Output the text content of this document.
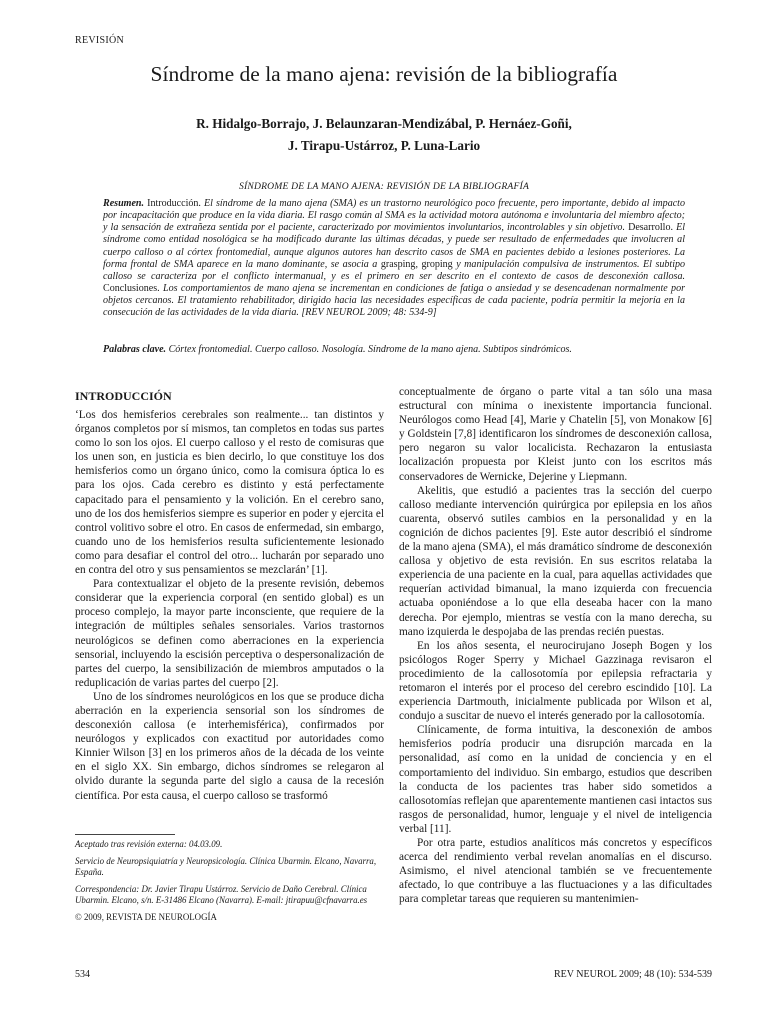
REVISIÓN
Síndrome de la mano ajena: revisión de la bibliografía
R. Hidalgo-Borrajo, J. Belaunzaran-Mendizábal, P. Hernáez-Goñi,
J. Tirapu-Ustárroz, P. Luna-Lario
SÍNDROME DE LA MANO AJENA: REVISIÓN DE LA BIBLIOGRAFÍA
Resumen. Introducción. El síndrome de la mano ajena (SMA) es un trastorno neurológico poco frecuente, pero importante, debido al impacto por incapacitación que produce en la vida diaria. El rasgo común al SMA es la actividad motora autónoma e involuntaria del miembro afecto; y la sensación de extrañeza sentida por el paciente, caracterizado por movimientos involuntarios, incontrolables y sin objetivo. Desarrollo. El síndrome como entidad nosológica se ha modificado durante las últimas décadas, y puede ser resultado de enfermedades que involucren al cuerpo calloso o al córtex frontomedial, aunque algunos autores han descrito casos de SMA en pacientes debido a lesiones posteriores. La forma frontal de SMA aparece en la mano dominante, se asocia a grasping, groping y manipulación compulsiva de instrumentos. El subtipo calloso se caracteriza por el conflicto intermanual, y es el primero en ser descrito en el contexto de casos de desconexión callosa. Conclusiones. Los comportamientos de mano ajena se incrementan en condiciones de fatiga o ansiedad y se desencadenan normalmente por objetos cercanos. El tratamiento rehabilitador, dirigido hacia las necesidades específicas de cada paciente, podría permitir la mejoría en la consecución de las actividades de la vida diaria. [REV NEUROL 2009; 48: 534-9]
Palabras clave. Córtex frontomedial. Cuerpo calloso. Nosología. Síndrome de la mano ajena. Subtipos sindrómicos.
INTRODUCCIÓN

‘Los dos hemisferios cerebrales son realmente... tan distintos y órganos completos por sí mismos, tan completos en todas sus partes como lo son los ojos. El cuerpo calloso y el resto de comisuras que los unen son, en justicia es bien decirlo, lo que constituye los dos hemisferios como un órgano único, como la comisura óptica lo es para los ojos. Cada cerebro es distinto y está perfectamente capacitado para el pensamiento y la volición. En el cerebro sano, uno de los dos hemisferios siempre es superior en poder y ejercita el control volitivo sobre el otro. En casos de enfermedad, sin embargo, cuando uno de los hemisferios resulta suficientemente lesionado como para desafiar el control del otro... lucharán por separado uno en contra del otro y sus pensamientos se mezclarán’ [1].

Para contextualizar el objeto de la presente revisión, debemos considerar que la experiencia corporal (en sentido global) es un proceso complejo, la mayor parte inconsciente, que requiere de la integración de múltiples señales sensoriales. Varios trastornos neurológicos se definen como aberraciones en la experiencia sensorial, incluyendo la escisión perceptiva o despersonalización de partes del cuerpo, la sensibilización de miembros amputados o la reduplicación de varias partes del cuerpo [2].

Uno de los síndromes neurológicos en los que se produce dicha aberración en la experiencia sensorial son los síndromes de desconexión callosa (e interhemisférica), confirmados por neurólogos y explicados con exactitud por autoridades como Kinnier Wilson [3] en los primeros años de la década de los veinte en el siglo XX. Sin embargo, dichos síndromes se relegaron al olvido durante la segunda parte del siglo a causa de la recesión científica. Por esta causa, el cuerpo calloso se trasformó

Aceptado tras revisión externa: 04.03.09.

Servicio de Neuropsiquiatría y Neuropsicología. Clínica Ubarmin. Elcano, Navarra, España.

Correspondencia: Dr. Javier Tirapu Ustárroz. Servicio de Daño Cerebral. Clínica Ubarmin. Elcano, s/n. E-31486 Elcano (Navarra). E-mail: jtirapuu@cfnavarra.es

© 2009, REVISTA DE NEUROLOGÍA

conceptualmente de órgano o parte vital a tan sólo una masa estructural con mínima o inexistente importancia funcional. Neurólogos como Head [4], Marie y Chatelin [5], von Monakow [6] y Goldstein [7,8] identificaron los síndromes de desconexión callosa, pero negaron su valor localicista. Rechazaron la entusiasta localización propuesta por Kleist junto con los escritos más conservadores de Wernicke, Dejerine y Liepmann.

Akelitis, que estudió a pacientes tras la sección del cuerpo calloso mediante intervención quirúrgica por epilepsia en los años cuarenta, observó sutiles cambios en la personalidad y en la cognición de dichos pacientes [9]. Este autor describió el síndrome de la mano ajena (SMA), el más dramático síndrome de desconexión callosa y objetivo de esta revisión. En sus escritos relataba la experiencia de una paciente en la cual, para aquellas actividades que requerían actividad bimanual, la mano izquierda con frecuencia actuaba oponiéndose a lo que ella deseaba hacer con la mano derecha. Por ejemplo, mientras se vestía con la mano derecha, su mano izquierda le despojaba de las prendas recién puestas.

En los años sesenta, el neurocirujano Joseph Bogen y los psicólogos Roger Sperry y Michael Gazzinaga revisaron el procedimiento de la callosotomía por epilepsia refractaria y retomaron el interés por el proceso del cerebro escindido [10]. La experiencia Dartmouth, inicialmente publicada por Wilson et al, condujo a suscitar de nuevo el interés generado por la callosotomía.

Clínicamente, de forma intuitiva, la desconexión de ambos hemisferios podría producir una disrupción marcada en la personalidad, así como en la unidad de conciencia y en el comportamiento del individuo. Sin embargo, estudios que describen la conducta de los pacientes tras haber sido sometidos a callosotomías reflejan que aparentemente mantienen casi intactos sus rasgos de personalidad, humor, lenguaje y el nivel de inteligencia verbal [11].

Por otra parte, estudios analíticos más concretos y específicos acerca del rendimiento verbal revelan anomalías en el discurso. Asimismo, el nivel atencional también se ve frecuentemente afectado, lo que contribuye a las fluctuaciones y a las dificultades para completar tareas que requieren su mantenimien-

534	REV NEUROL 2009; 48 (10): 534-539
